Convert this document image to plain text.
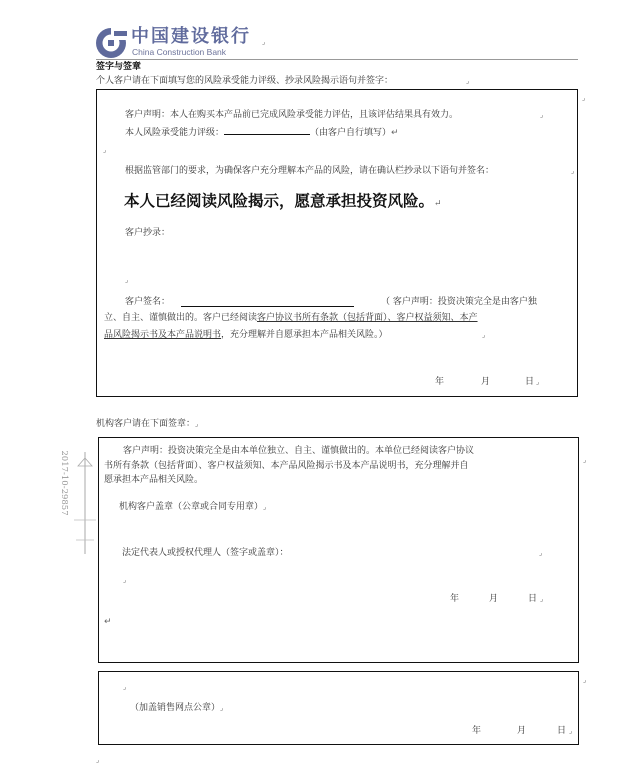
中国建设银行
China Construction Bank
⌟
签字与签章
个人客户请在下面填写您的风险承受能力评级、抄录风险揭示语句并签字：	⌟
⌟
客户声明：本人在购买本产品前已完成风险承受能力评估，且该评估结果具有效力。	⌟
本人风险承受能力评级：	（由客户自行填写）↵
⌟
根据监管部门的要求，为确保客户充分理解本产品的风险，请在确认栏抄录以下语句并签名：	⌟
本人已经阅读风险揭示，愿意承担投资风险。↵
客户抄录：
⌟
客户签名：	（ 客户声明：投资决策完全是由客户独
立、自主、谨慎做出的。客户已经阅读客户协议书所有条款（包括背面）、客户权益须知、本产
品风险揭示书及本产品说明书，充分理解并自愿承担本产品相关风险。）	⌟
年	月	日 ⌟
机构客户请在下面签章：⌟
2017-10-29857	客户声明：投资决策完全是由本单位独立、自主、谨慎做出的。本单位已经阅读客户协议
书所有条款（包括背面）、客户权益须知、本产品风险揭示书及本产品说明书，充分理解并自
愿承担本产品相关风险。
⌟
机构客户盖章（公章或合同专用章）⌟
法定代表人或授权代理人（签字或盖章）：	⌟
⌟
年	月	日 ⌟
↵
⌟
⌟
（加盖销售网点公章）⌟
年	月	日 ⌟
⌟
